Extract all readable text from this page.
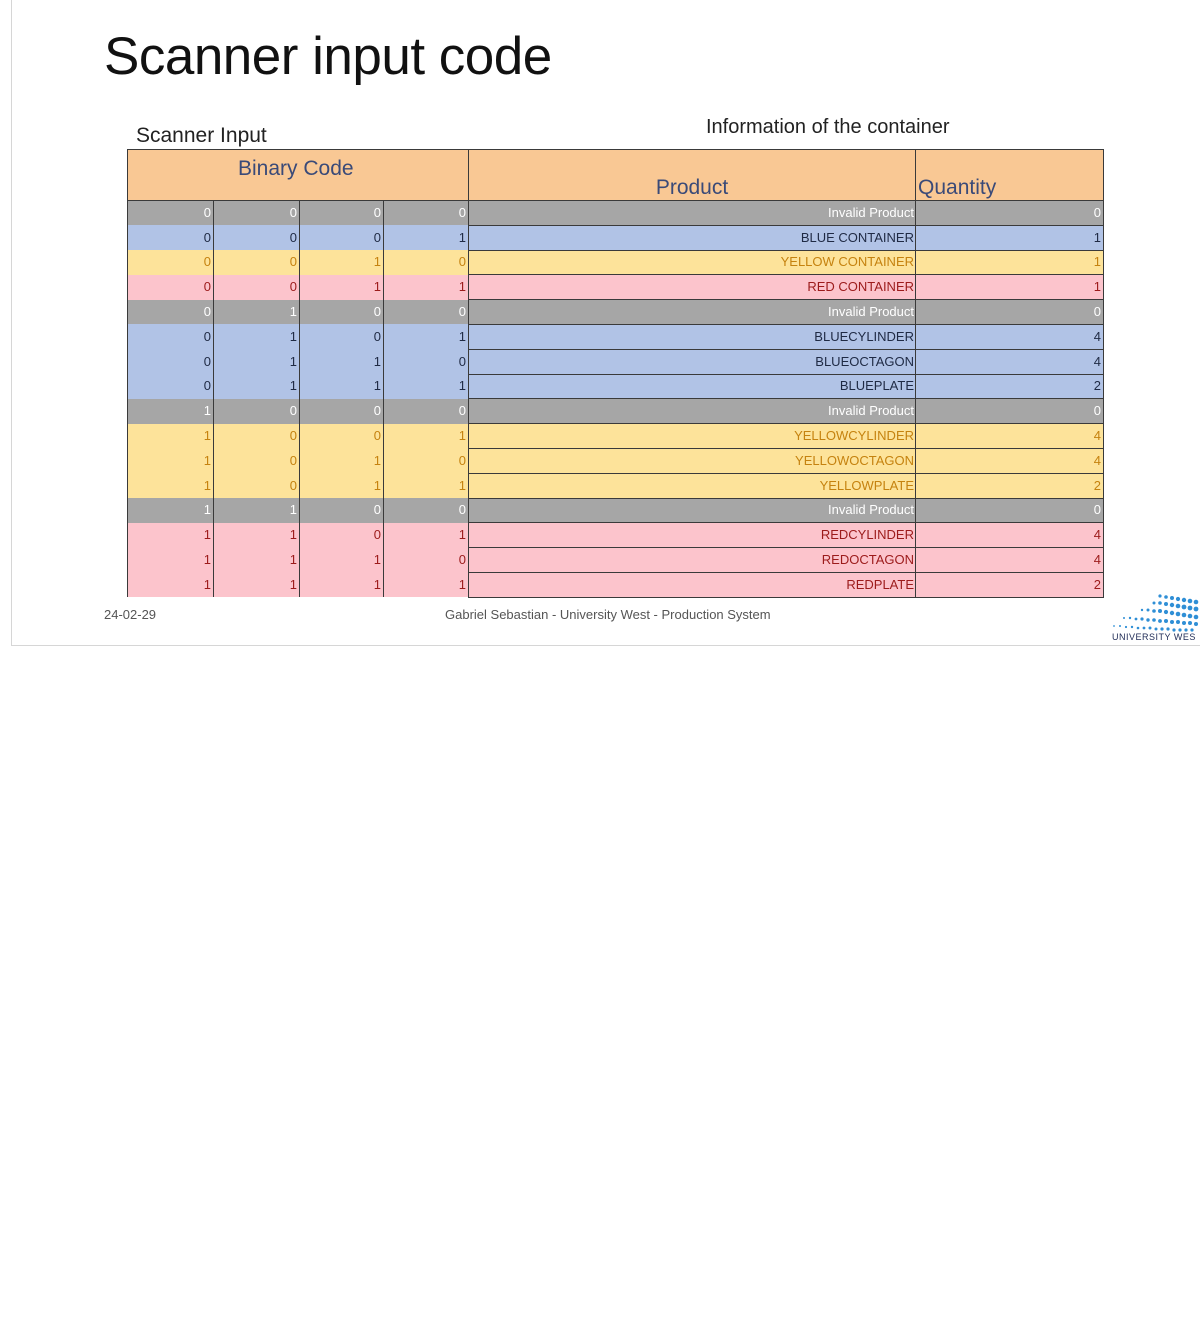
Scanner input code
Scanner Input	Information of the container
Binary Code				Product	Quantity
0	0	0	0	Invalid Product	0
0	0	0	1	BLUE CONTAINER	1
0	0	1	0	YELLOW CONTAINER	1
0	0	1	1	RED CONTAINER	1
0	1	0	0	Invalid Product	0
0	1	0	1	BLUECYLINDER	4
0	1	1	0	BLUEOCTAGON	4
0	1	1	1	BLUEPLATE	2
1	0	0	0	Invalid Product	0
1	0	0	1	YELLOWCYLINDER	4
1	0	1	0	YELLOWOCTAGON	4
1	0	1	1	YELLOWPLATE	2
1	1	0	0	Invalid Product	0
1	1	0	1	REDCYLINDER	4
1	1	1	0	REDOCTAGON	4
1	1	1	1	REDPLATE	2
24-02-29	Gabriel Sebastian - University West - Production System
UNIVERSITY WES
